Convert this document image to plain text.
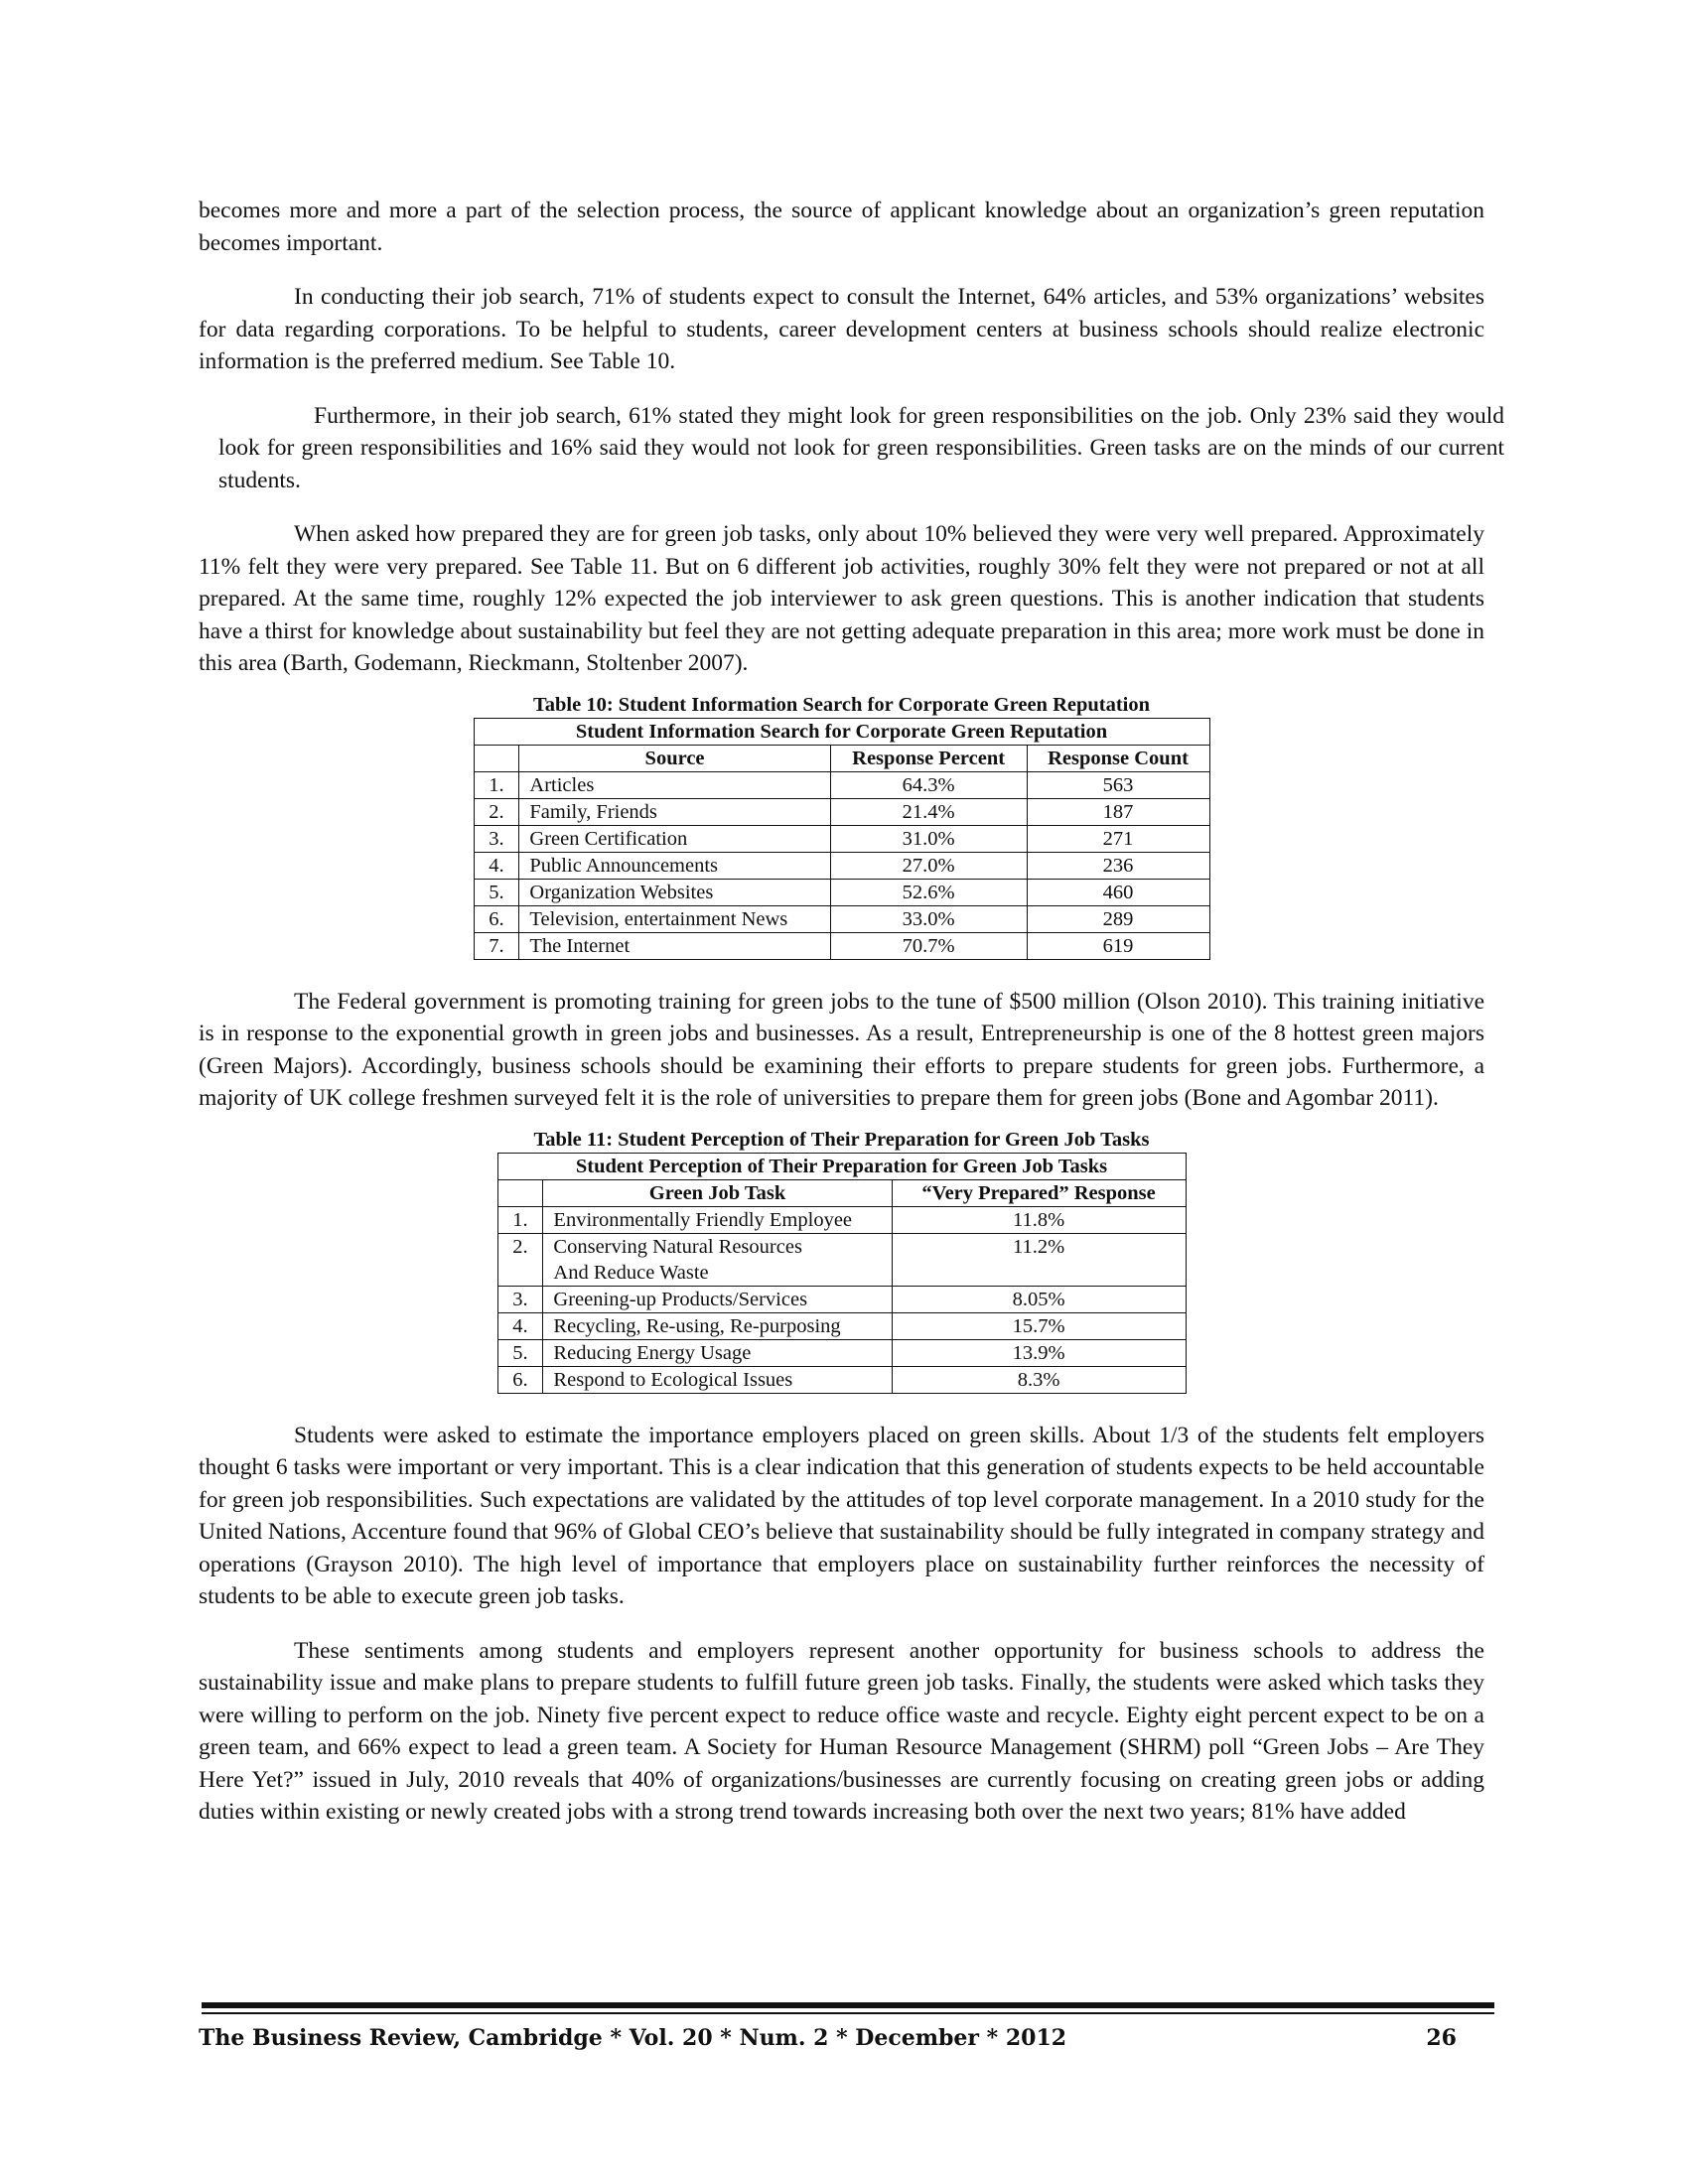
becomes more and more a part of the selection process, the source of applicant knowledge about an organization’s green reputation becomes important.

In conducting their job search, 71% of students expect to consult the Internet, 64% articles, and 53% organizations’ websites for data regarding corporations. To be helpful to students, career development centers at business schools should realize electronic information is the preferred medium. See Table 10.

Furthermore, in their job search, 61% stated they might look for green responsibilities on the job. Only 23% said they would look for green responsibilities and 16% said they would not look for green responsibilities. Green tasks are on the minds of our current students.

When asked how prepared they are for green job tasks, only about 10% believed they were very well prepared. Approximately 11% felt they were very prepared. See Table 11. But on 6 different job activities, roughly 30% felt they were not prepared or not at all prepared. At the same time, roughly 12% expected the job interviewer to ask green questions. This is another indication that students have a thirst for knowledge about sustainability but feel they are not getting adequate preparation in this area; more work must be done in this area (Barth, Godemann, Rieckmann, Stoltenber 2007).

Table 10: Student Information Search for Corporate Green Reputation
Student Information Search for Corporate Green Reputation			
	Source	Response Percent	Response Count
1.	Articles	64.3%	563
2.	Family, Friends	21.4%	187
3.	Green Certification	31.0%	271
4.	Public Announcements	27.0%	236
5.	Organization Websites	52.6%	460
6.	Television, entertainment News	33.0%	289
7.	The Internet	70.7%	619

The Federal government is promoting training for green jobs to the tune of $500 million (Olson 2010). This training initiative is in response to the exponential growth in green jobs and businesses. As a result, Entrepreneurship is one of the 8 hottest green majors (Green Majors). Accordingly, business schools should be examining their efforts to prepare students for green jobs. Furthermore, a majority of UK college freshmen surveyed felt it is the role of universities to prepare them for green jobs (Bone and Agombar 2011).

Table 11: Student Perception of Their Preparation for Green Job Tasks
Student Perception of Their Preparation for Green Job Tasks		
	Green Job Task	“Very Prepared” Response
1.	Environmentally Friendly Employee	11.8%
2.	Conserving Natural Resources
And Reduce Waste	11.2%
3.	Greening-up Products/Services	8.05%
4.	Recycling, Re-using, Re-purposing	15.7%
5.	Reducing Energy Usage	13.9%
6.	Respond to Ecological Issues	8.3%

Students were asked to estimate the importance employers placed on green skills. About 1/3 of the students felt employers thought 6 tasks were important or very important. This is a clear indication that this generation of students expects to be held accountable for green job responsibilities. Such expectations are validated by the attitudes of top level corporate management. In a 2010 study for the United Nations, Accenture found that 96% of Global CEO’s believe that sustainability should be fully integrated in company strategy and operations (Grayson 2010). The high level of importance that employers place on sustainability further reinforces the necessity of students to be able to execute green job tasks.

These sentiments among students and employers represent another opportunity for business schools to address the sustainability issue and make plans to prepare students to fulfill future green job tasks. Finally, the students were asked which tasks they were willing to perform on the job. Ninety five percent expect to reduce office waste and recycle. Eighty eight percent expect to be on a green team, and 66% expect to lead a green team. A Society for Human Resource Management (SHRM) poll “Green Jobs – Are They Here Yet?” issued in July, 2010 reveals that 40% of organizations/businesses are currently focusing on creating green jobs or adding duties within existing or newly created jobs with a strong trend towards increasing both over the next two years; 81% have added

The Business Review, Cambridge * Vol. 20 * Num. 2 * December * 2012	26
